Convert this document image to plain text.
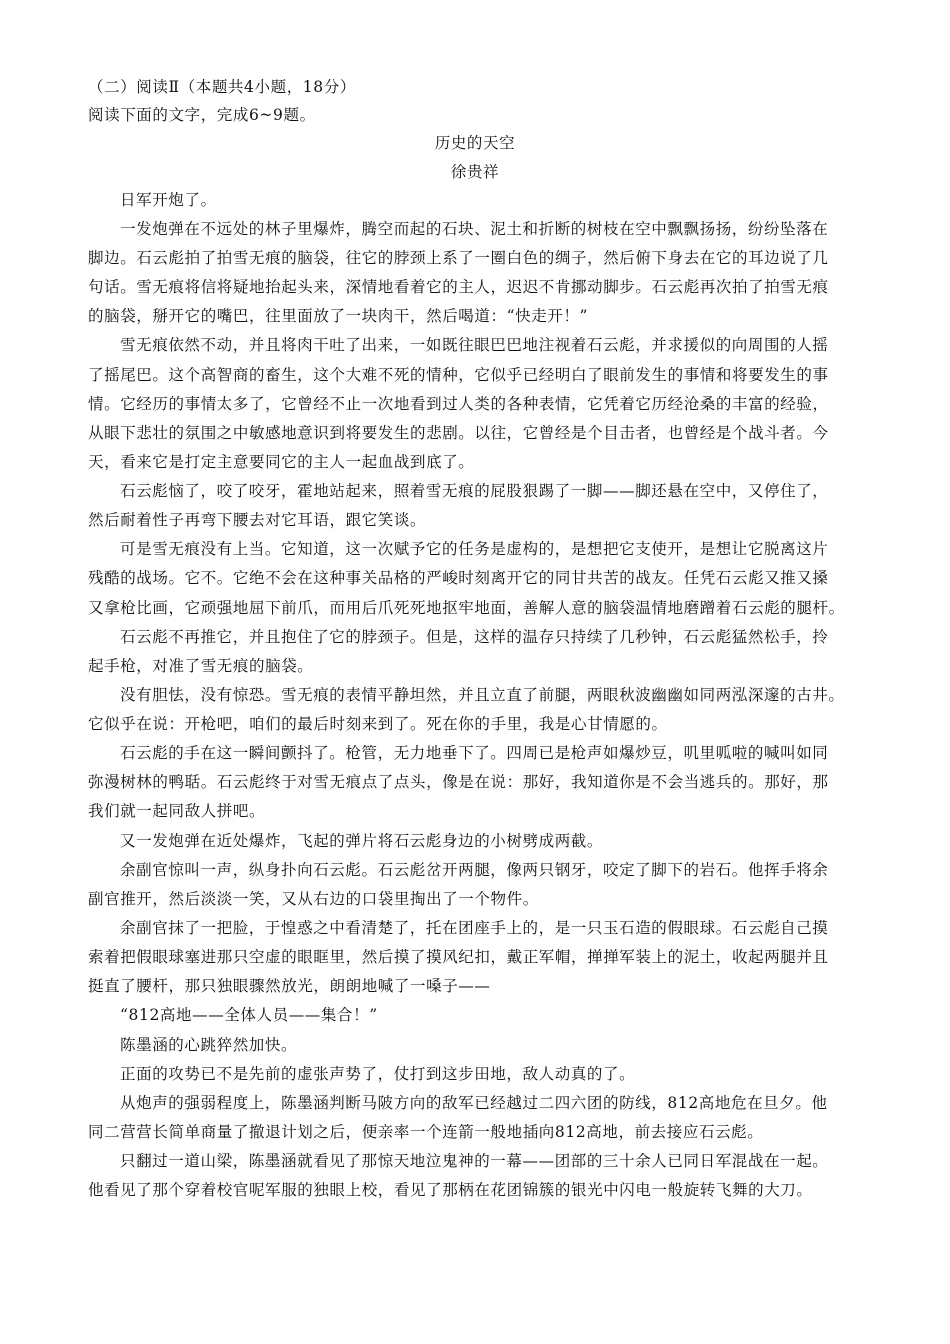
（二）阅读Ⅱ（本题共4小题，18分）
阅读下面的文字，完成6~9题。
历史的天空
徐贵祥
日军开炮了。
一发炮弹在不远处的林子里爆炸，腾空而起的石块、泥土和折断的树枝在空中飘飘扬扬，纷纷坠落在
脚边。石云彪拍了拍雪无痕的脑袋，往它的脖颈上系了一圈白色的绸子，然后俯下身去在它的耳边说了几
句话。雪无痕将信将疑地抬起头来，深情地看着它的主人，迟迟不肯挪动脚步。石云彪再次拍了拍雪无痕
的脑袋，掰开它的嘴巴，往里面放了一块肉干，然后喝道：“快走开！”
雪无痕依然不动，并且将肉干吐了出来，一如既往眼巴巴地注视着石云彪，并求援似的向周围的人摇
了摇尾巴。这个高智商的畜生，这个大难不死的情种，它似乎已经明白了眼前发生的事情和将要发生的事
情。它经历的事情太多了，它曾经不止一次地看到过人类的各种表情，它凭着它历经沧桑的丰富的经验，
从眼下悲壮的氛围之中敏感地意识到将要发生的悲剧。以往，它曾经是个目击者，也曾经是个战斗者。今
天，看来它是打定主意要同它的主人一起血战到底了。
石云彪恼了，咬了咬牙，霍地站起来，照着雪无痕的屁股狠踢了一脚——脚还悬在空中，又停住了，
然后耐着性子再弯下腰去对它耳语，跟它笑谈。
可是雪无痕没有上当。它知道，这一次赋予它的任务是虚构的，是想把它支使开，是想让它脱离这片
残酷的战场。它不。它绝不会在这种事关品格的严峻时刻离开它的同甘共苦的战友。任凭石云彪又推又搡
又拿枪比画，它顽强地屈下前爪，而用后爪死死地抠牢地面，善解人意的脑袋温情地磨蹭着石云彪的腿杆。
石云彪不再推它，并且抱住了它的脖颈子。但是，这样的温存只持续了几秒钟，石云彪猛然松手，拎
起手枪，对准了雪无痕的脑袋。
没有胆怯，没有惊恐。雪无痕的表情平静坦然，并且立直了前腿，两眼秋波幽幽如同两泓深邃的古井。
它似乎在说：开枪吧，咱们的最后时刻来到了。死在你的手里，我是心甘情愿的。
石云彪的手在这一瞬间颤抖了。枪管，无力地垂下了。四周已是枪声如爆炒豆，叽里呱啦的喊叫如同
弥漫树林的鸭聒。石云彪终于对雪无痕点了点头，像是在说：那好，我知道你是不会当逃兵的。那好，那
我们就一起同敌人拼吧。
又一发炮弹在近处爆炸，飞起的弹片将石云彪身边的小树劈成两截。
余副官惊叫一声，纵身扑向石云彪。石云彪岔开两腿，像两只钢牙，咬定了脚下的岩石。他挥手将余
副官推开，然后淡淡一笑，又从右边的口袋里掏出了一个物件。
余副官抹了一把脸，于惶惑之中看清楚了，托在团座手上的，是一只玉石造的假眼球。石云彪自己摸
索着把假眼球塞进那只空虚的眼眶里，然后摸了摸风纪扣，戴正军帽，掸掸军装上的泥土，收起两腿并且
挺直了腰杆，那只独眼骤然放光，朗朗地喊了一嗓子——
“812高地——全体人员——集合！”
陈墨涵的心跳猝然加快。
正面的攻势已不是先前的虚张声势了，仗打到这步田地，敌人动真的了。
从炮声的强弱程度上，陈墨涵判断马陂方向的敌军已经越过二四六团的防线，812高地危在旦夕。他
同二营营长简单商量了撤退计划之后，便亲率一个连箭一般地插向812高地，前去接应石云彪。
只翻过一道山梁，陈墨涵就看见了那惊天地泣鬼神的一幕——团部的三十余人已同日军混战在一起。
他看见了那个穿着校官呢军服的独眼上校，看见了那柄在花团锦簇的银光中闪电一般旋转飞舞的大刀。
